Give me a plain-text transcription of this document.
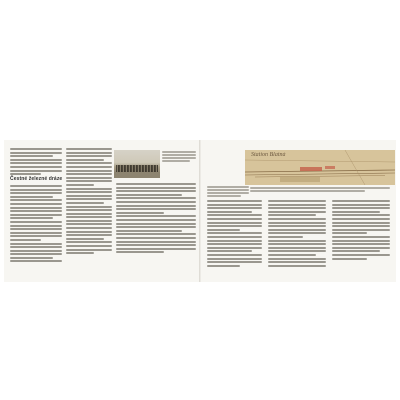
Čestné železné dráze
Station Blatná
